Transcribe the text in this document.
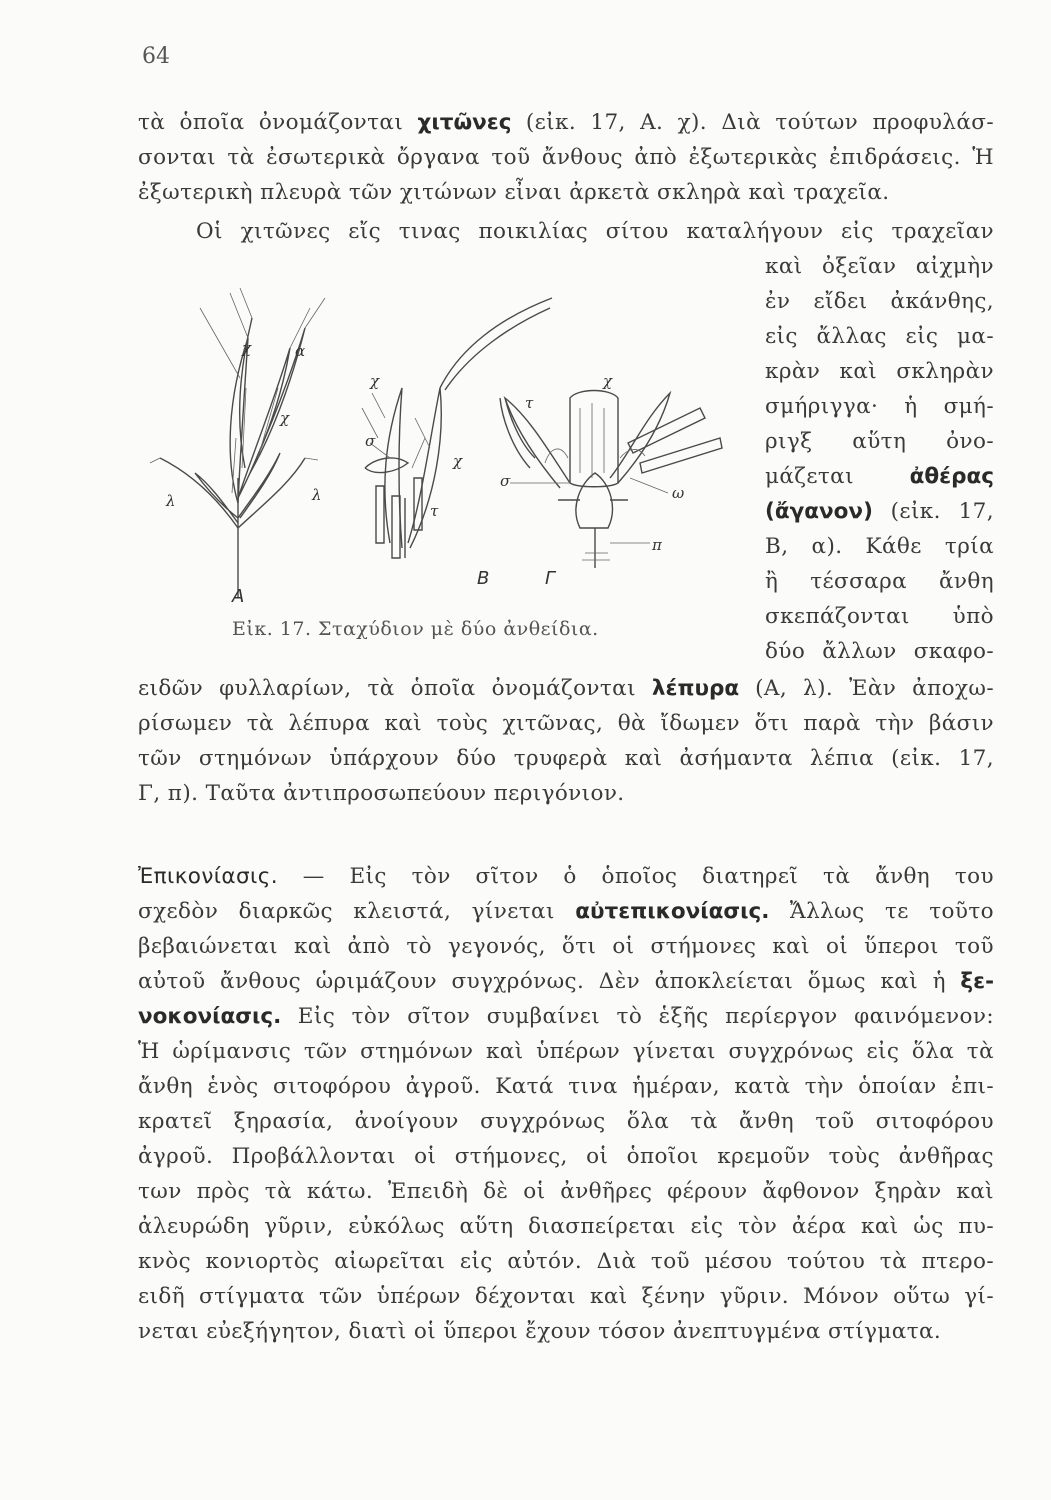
64
τὰ ὁποῖα ὀνομάζονται χιτῶνες (εἰκ. 17, Α. χ). Διὰ τούτων προφυλάσ-
σονται τὰ ἐσωτερικὰ ὄργανα τοῦ ἄνθους ἀπὸ ἐξωτερικὰς ἐπιδράσεις. Ἡ
ἐξωτερικὴ πλευρὰ τῶν χιτώνων εἶναι ἀρκετὰ σκληρὰ καὶ τραχεῖα.
Οἱ χιτῶνες εἴς τινας ποικιλίας σίτου καταλήγουν εἰς τραχεῖαν
καὶ ὀξεῖαν αἰχμὴν
ἐν εἴδει ἀκάνθης,
εἰς ἄλλας εἰς μα-
κρὰν καὶ σκληρὰν
σμήριγγα· ἡ σμή-
ριγξ αὕτη ὀνο-
μάζεται ἀθέρας
(ἄγανον) (εἰκ. 17,
Β, α). Κάθε τρία
ἢ τέσσαρα ἄνθη
σκεπάζονται ὑπὸ
δύο ἄλλων σκαφο-
ειδῶν φυλλαρίων, τὰ ὁποῖα ὀνομάζονται λέπυρα (Α, λ). Ἐὰν ἀποχω-
ρίσωμεν τὰ λέπυρα καὶ τοὺς χιτῶνας, θὰ ἴδωμεν ὅτι παρὰ τὴν βάσιν
τῶν στημόνων ὑπάρχουν δύο τρυφερὰ καὶ ἀσήμαντα λέπια (εἰκ. 17,
Γ, π). Ταῦτα ἀντιπροσωπεύουν περιγόνιον.
χ	α
χ
λ	λ
χ
σ
χ
τ
τ
χ
σ
ω
π
Α
Β	Γ
Εἰκ. 17. Σταχύδιον μὲ δύο ἀνθείδια.
Ἐπικονίασις. — Εἰς τὸν σῖτον ὁ ὁποῖος διατηρεῖ τὰ ἄνθη του
σχεδὸν διαρκῶς κλειστά, γίνεται αὐτεπικονίασις. Ἄλλως τε τοῦτο
βεβαιώνεται καὶ ἀπὸ τὸ γεγονός, ὅτι οἱ στήμονες καὶ οἱ ὕπεροι τοῦ
αὐτοῦ ἄνθους ὡριμάζουν συγχρόνως. Δὲν ἀποκλείεται ὅμως καὶ ἡ ξε-
νοκονίασις. Εἰς τὸν σῖτον συμβαίνει τὸ ἑξῆς περίεργον φαινόμενον:
Ἡ ὡρίμανσις τῶν στημόνων καὶ ὑπέρων γίνεται συγχρόνως εἰς ὅλα τὰ
ἄνθη ἑνὸς σιτοφόρου ἀγροῦ. Κατά τινα ἡμέραν, κατὰ τὴν ὁποίαν ἐπι-
κρατεῖ ξηρασία, ἀνοίγουν συγχρόνως ὅλα τὰ ἄνθη τοῦ σιτοφόρου
ἀγροῦ. Προβάλλονται οἱ στήμονες, οἱ ὁποῖοι κρεμοῦν τοὺς ἀνθῆρας
των πρὸς τὰ κάτω. Ἐπειδὴ δὲ οἱ ἀνθῆρες φέρουν ἄφθονον ξηρὰν καὶ
ἀλευρώδη γῦριν, εὐκόλως αὕτη διασπείρεται εἰς τὸν ἀέρα καὶ ὡς πυ-
κνὸς κονιορτὸς αἰωρεῖται εἰς αὐτόν. Διὰ τοῦ μέσου τούτου τὰ πτερο-
ειδῆ στίγματα τῶν ὑπέρων δέχονται καὶ ξένην γῦριν. Μόνον οὕτω γί-
νεται εὐεξήγητον, διατὶ οἱ ὕπεροι ἔχουν τόσον ἀνεπτυγμένα στίγματα.
